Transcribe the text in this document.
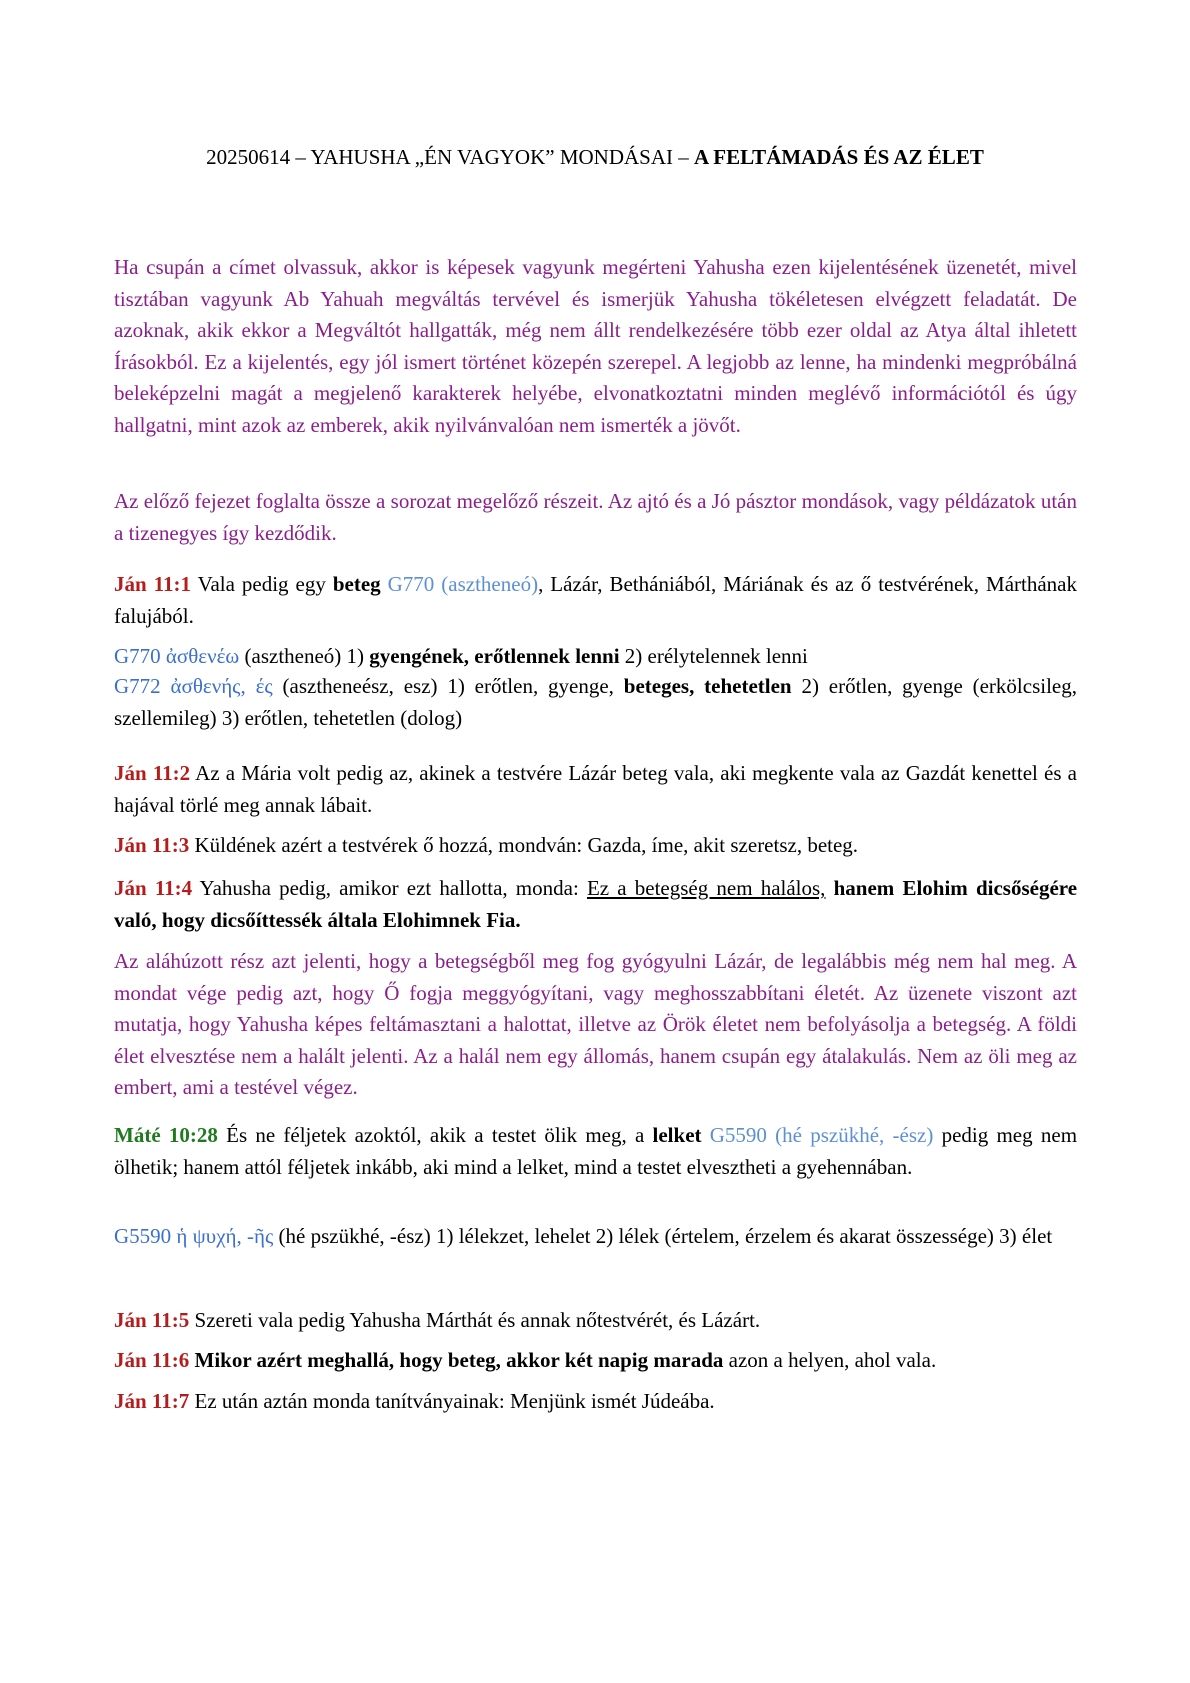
20250614 – YAHUSHA „ÉN VAGYOK” MONDÁSAI – A FELTÁMADÁS ÉS AZ ÉLET

Ha csupán a címet olvassuk, akkor is képesek vagyunk megérteni Yahusha ezen kijelentésének üzenetét, mivel tisztában vagyunk Ab Yahuah megváltás tervével és ismerjük Yahusha tökéletesen elvégzett feladatát. De azoknak, akik ekkor a Megváltót hallgatták, még nem állt rendelkezésére több ezer oldal az Atya által ihletett Írásokból. Ez a kijelentés, egy jól ismert történet közepén szerepel. A legjobb az lenne, ha mindenki megpróbálná beleképzelni magát a megjelenő karakterek helyébe, elvonatkoztatni minden meglévő információtól és úgy hallgatni, mint azok az emberek, akik nyilvánvalóan nem ismerték a jövőt.

Az előző fejezet foglalta össze a sorozat megelőző részeit. Az ajtó és a Jó pásztor mondások, vagy példázatok után a tizenegyes így kezdődik.

Ján 11:1 Vala pedig egy beteg G770 (asztheneó), Lázár, Bethániából, Máriának és az ő testvérének, Márthának falujából.

G770 ἀσθενέω (asztheneó) 1) gyengének, erőtlennek lenni 2) erélytelennek lenni

G772 ἀσθενής, ές (asztheneész, esz) 1) erőtlen, gyenge, beteges, tehetetlen 2) erőtlen, gyenge (erkölcsileg, szellemileg) 3) erőtlen, tehetetlen (dolog)

Ján 11:2 Az a Mária volt pedig az, akinek a testvére Lázár beteg vala, aki megkente vala az Gazdát kenettel és a hajával törlé meg annak lábait.

Ján 11:3 Küldének azért a testvérek ő hozzá, mondván: Gazda, íme, akit szeretsz, beteg.

Ján 11:4 Yahusha pedig, amikor ezt hallotta, monda: Ez a betegség nem halálos, hanem Elohim dicsőségére való, hogy dicsőíttessék általa Elohimnek Fia.

Az aláhúzott rész azt jelenti, hogy a betegségből meg fog gyógyulni Lázár, de legalábbis még nem hal meg. A mondat vége pedig azt, hogy Ő fogja meggyógyítani, vagy meghosszabbítani életét. Az üzenete viszont azt mutatja, hogy Yahusha képes feltámasztani a halottat, illetve az Örök életet nem befolyásolja a betegség. A földi élet elvesztése nem a halált jelenti. Az a halál nem egy állomás, hanem csupán egy átalakulás. Nem az öli meg az embert, ami a testével végez.

Máté 10:28 És ne féljetek azoktól, akik a testet ölik meg, a lelket G5590 (hé pszükhé, -ész) pedig meg nem ölhetik; hanem attól féljetek inkább, aki mind a lelket, mind a testet elvesztheti a gyehennában.

G5590 ἡ ψυχή, -ῆς (hé pszükhé, -ész) 1) lélekzet, lehelet 2) lélek (értelem, érzelem és akarat összessége) 3) élet

Ján 11:5 Szereti vala pedig Yahusha Márthát és annak nőtestvérét, és Lázárt.

Ján 11:6 Mikor azért meghallá, hogy beteg, akkor két napig marada azon a helyen, ahol vala.

Ján 11:7 Ez után aztán monda tanítványainak: Menjünk ismét Júdeába.
